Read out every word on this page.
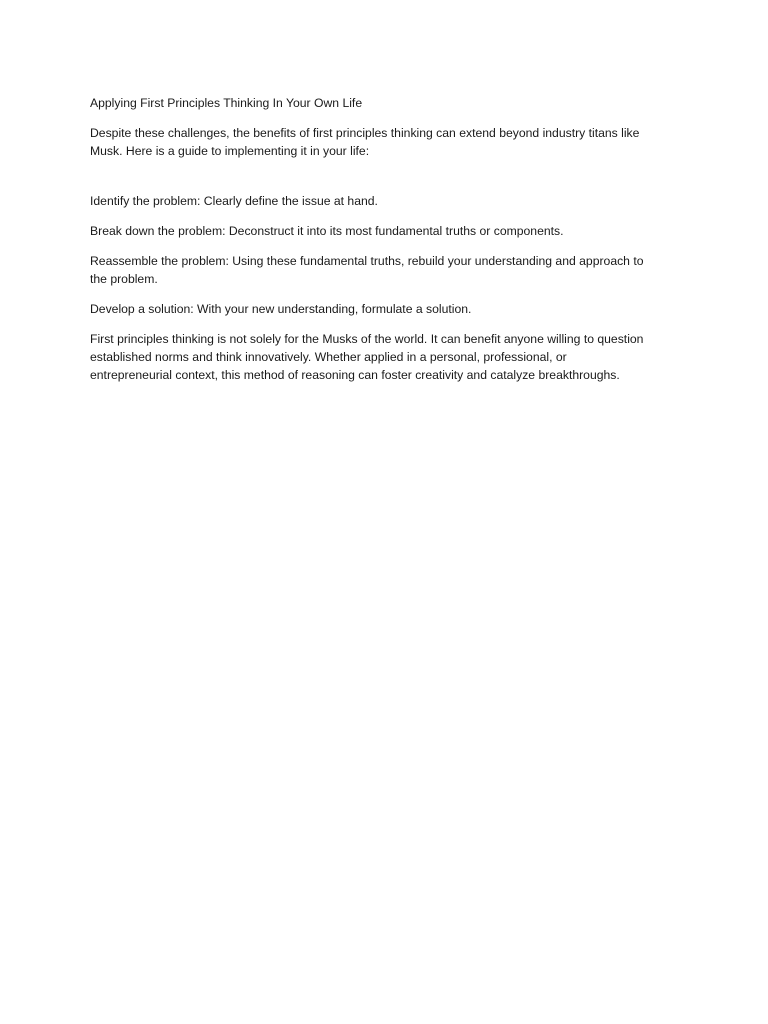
Applying First Principles Thinking In Your Own Life

Despite these challenges, the benefits of first principles thinking can extend beyond industry titans like
Musk. Here is a guide to implementing it in your life:

Identify the problem: Clearly define the issue at hand.

Break down the problem: Deconstruct it into its most fundamental truths or components.

Reassemble the problem: Using these fundamental truths, rebuild your understanding and approach to
the problem.

Develop a solution: With your new understanding, formulate a solution.

First principles thinking is not solely for the Musks of the world. It can benefit anyone willing to question
established norms and think innovatively. Whether applied in a personal, professional, or
entrepreneurial context, this method of reasoning can foster creativity and catalyze breakthroughs.
